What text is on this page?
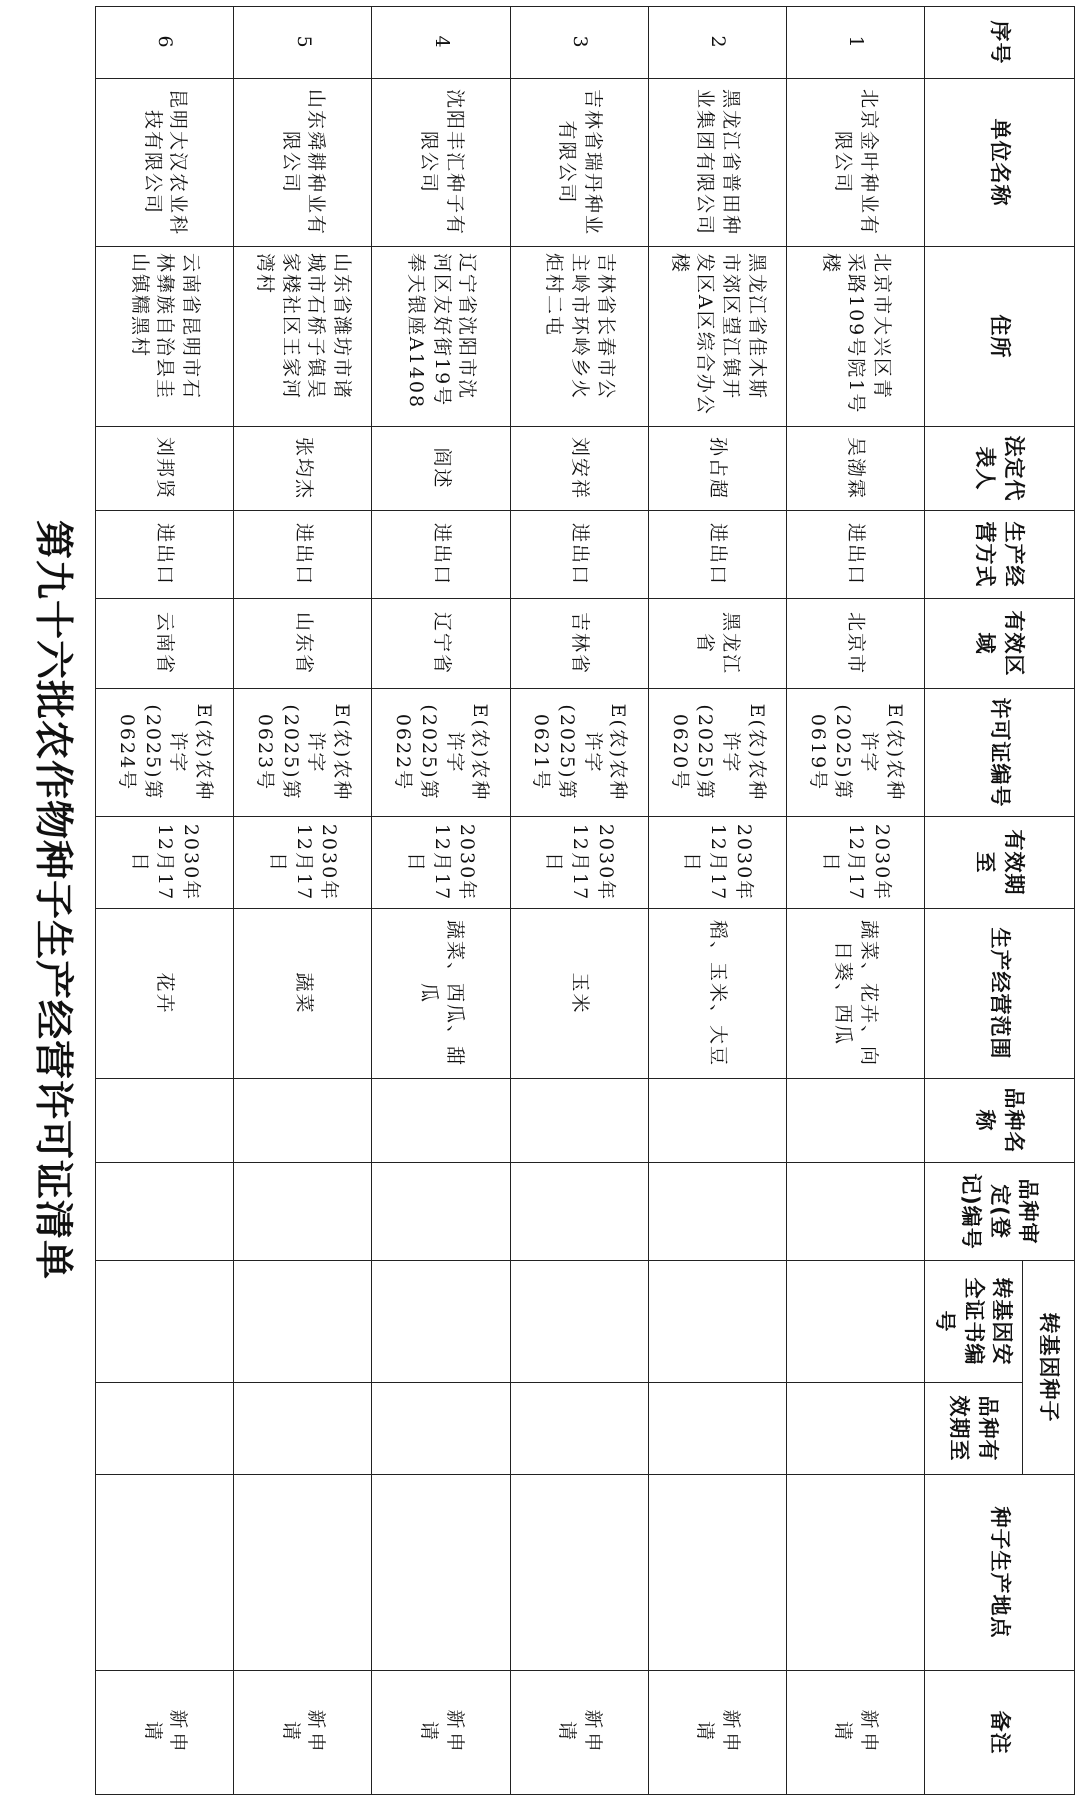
第九十六批农作物种子生产经营许可证清单
序号	单位名称	住所	法定代表人	生产经营方式	有效区域	许可证编号	有效期至	生产经营范围	品种名称	品种审定(登记)编号	转基因种子		种子生产地点	备注
											转基因安全证书编号	品种有效期至		
1	北京金叶种业有限公司	北京市大兴区青采路109号院1号楼	吴渤霖	进出口	北京市	E(农)农种许字(2025)第0619号	2030年12月17日	蔬菜、花卉、向日葵、西瓜						新申请

2	黑龙江省普田种业集团有限公司	黑龙江省佳木斯市郊区望江镇开发区A区综合办公楼	孙占超	进出口	黑龙江省	E(农)农种许字(2025)第0620号	2030年12月17日	稻、玉米、大豆						新申请

3	吉林省瑞丹种业有限公司	吉林省长春市公主岭市环岭乡火炬村二屯	刘安祥	进出口	吉林省	E(农)农种许字(2025)第0621号	2030年12月17日	玉米						新申请

4	沈阳丰汇种子有限公司	辽宁省沈阳市沈河区友好街19号奉天银座A1408	阎述	进出口	辽宁省	E(农)农种许字(2025)第0622号	2030年12月17日	蔬菜、西瓜、甜瓜						新申请

5	山东舜耕种业有限公司	山东省潍坊市诸城市石桥子镇吴家楼社区王家河湾村	张均杰	进出口	山东省	E(农)农种许字(2025)第0623号	2030年12月17日	蔬菜						新申请

6	昆明大汉农业科技有限公司	云南省昆明市石林彝族自治县圭山镇糯黑村	刘邦贤	进出口	云南省	E(农)农种许字(2025)第0624号	2030年12月17日	花卉						新申请
